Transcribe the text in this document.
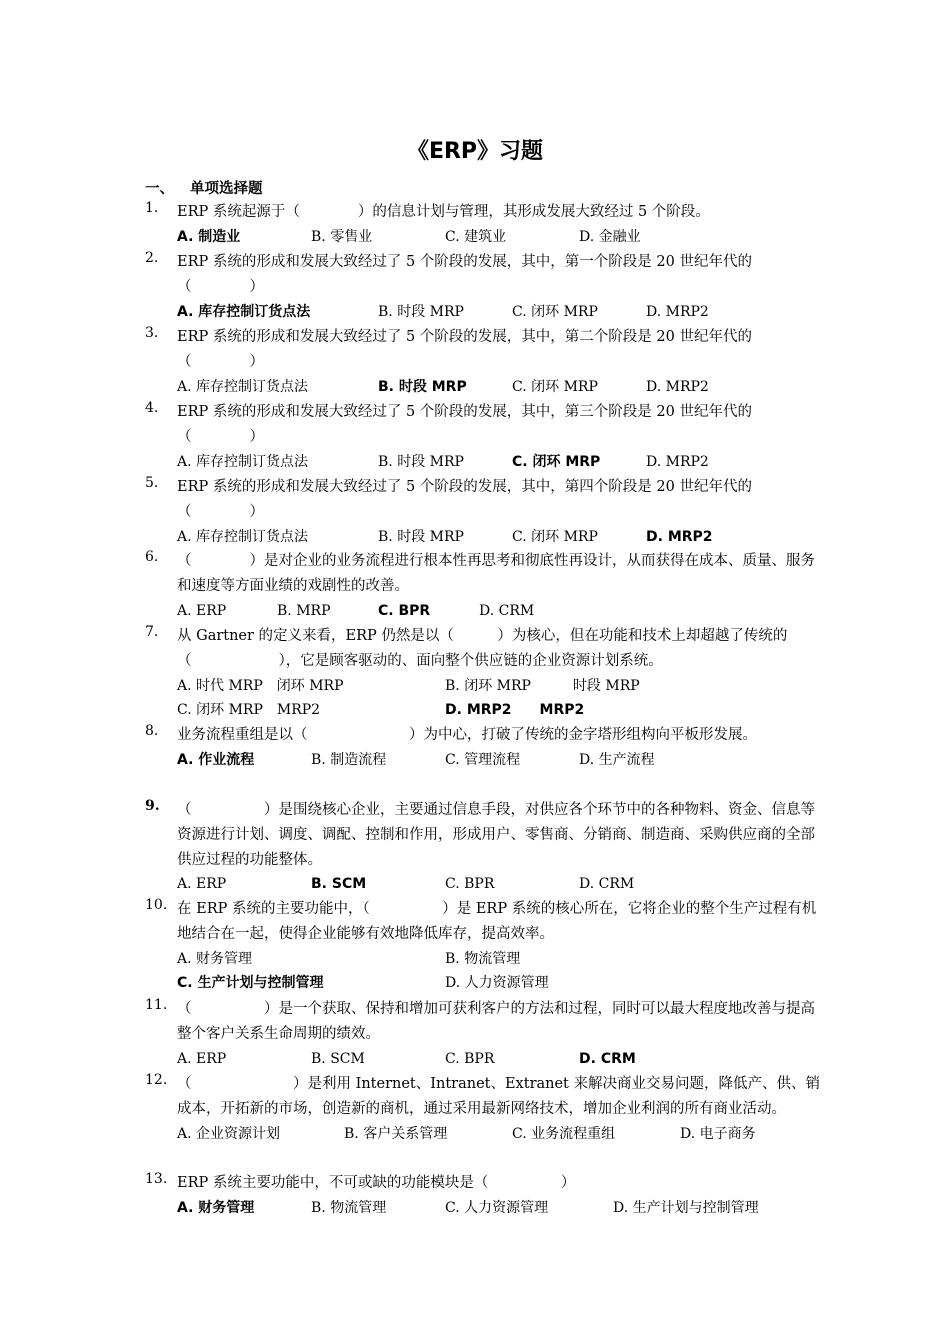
《ERP》习题
一、 单项选择题
1.	ERP 系统起源于（　　　　）的信息计划与管理，其形成发展大致经过 5 个阶段。
A. 制造业	B. 零售业	C. 建筑业	D. 金融业
2.	ERP 系统的形成和发展大致经过了 5 个阶段的发展，其中，第一个阶段是 20 世纪年代的（　　　　）
A. 库存控制订货点法	B. 时段 MRP	C. 闭环 MRP	D. MRP2
3.	ERP 系统的形成和发展大致经过了 5 个阶段的发展，其中，第二个阶段是 20 世纪年代的（　　　　）
A. 库存控制订货点法	B. 时段 MRP	C. 闭环 MRP	D. MRP2
4.	ERP 系统的形成和发展大致经过了 5 个阶段的发展，其中，第三个阶段是 20 世纪年代的（　　　　）
A. 库存控制订货点法	B. 时段 MRP	C. 闭环 MRP	D. MRP2
5.	ERP 系统的形成和发展大致经过了 5 个阶段的发展，其中，第四个阶段是 20 世纪年代的（　　　　）
A. 库存控制订货点法	B. 时段 MRP	C. 闭环 MRP	D. MRP2
6.	（　　　　）是对企业的业务流程进行根本性再思考和彻底性再设计，从而获得在成本、质量、服务和速度等方面业绩的戏剧性的改善。
A. ERP	B. MRP	C. BPR	D. CRM
7.	从 Gartner 的定义来看，ERP 仍然是以（　　　）为核心，但在功能和技术上却超越了传统的（　　　　　　），它是顾客驱动的、面向整个供应链的企业资源计划系统。
A. 时代 MRP　闭环 MRP	B. 闭环 MRP　　　时段 MRP
C. 闭环 MRP　MRP2	D. MRP2　　MRP2
8.	业务流程重组是以（　　　　　　　）为中心，打破了传统的金字塔形组构向平板形发展。
A. 作业流程	B. 制造流程	C. 管理流程	D. 生产流程
9.	（　　　　　）是围绕核心企业，主要通过信息手段，对供应各个环节中的各种物料、资金、信息等资源进行计划、调度、调配、控制和作用，形成用户、零售商、分销商、制造商、采购供应商的全部供应过程的功能整体。
A. ERP	B. SCM	C. BPR	D. CRM
10. 在 ERP 系统的主要功能中，（　　　　　）是 ERP 系统的核心所在，它将企业的整个生产过程有机地结合在一起，使得企业能够有效地降低库存，提高效率。
A. 财务管理	B. 物流管理
C. 生产计划与控制管理	D. 人力资源管理
11. （　　　　　）是一个获取、保持和增加可获利客户的方法和过程，同时可以最大程度地改善与提高整个客户关系生命周期的绩效。
A. ERP	B. SCM	C. BPR	D. CRM
12. （　　　　　　　）是利用 Internet、Intranet、Extranet 来解决商业交易问题，降低产、供、销成本，开拓新的市场，创造新的商机，通过采用最新网络技术，增加企业利润的所有商业活动。
A. 企业资源计划	B. 客户关系管理	C. 业务流程重组	D. 电子商务
13. ERP 系统主要功能中，不可或缺的功能模块是（　　　　　）
A. 财务管理	B. 物流管理	C. 人力资源管理	D. 生产计划与控制管理
